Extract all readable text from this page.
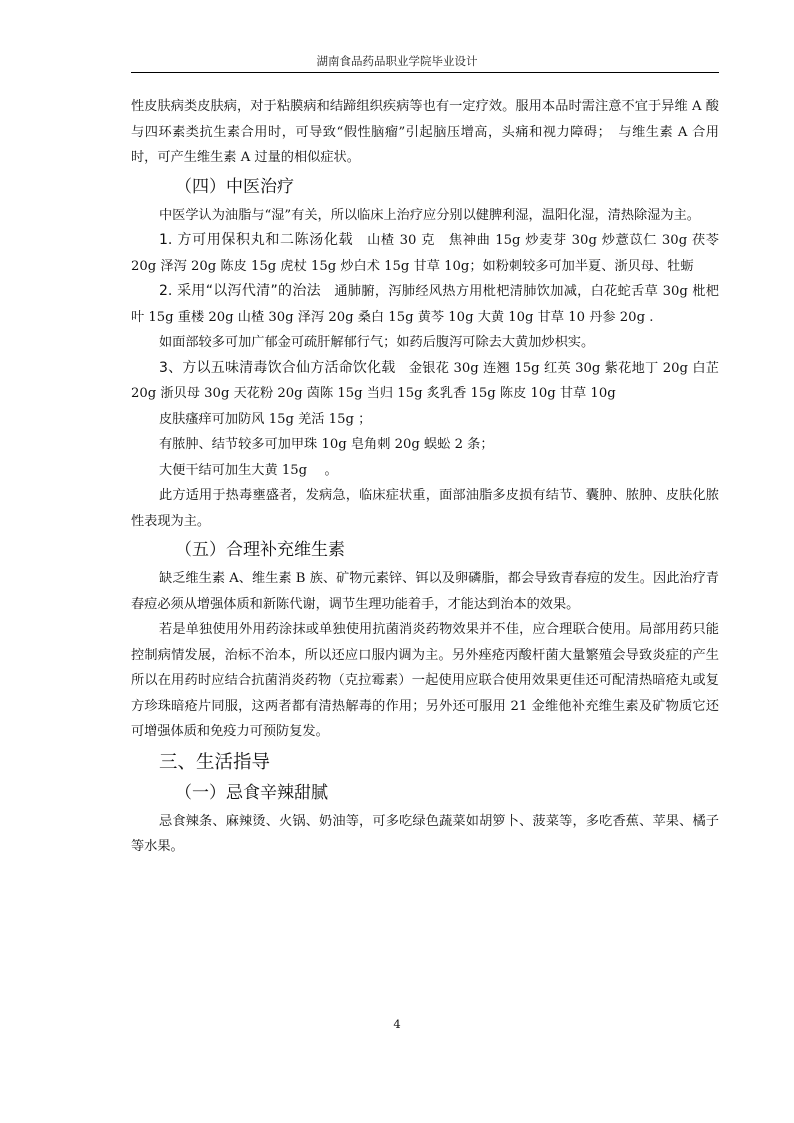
湖南食品药品职业学院毕业设计

性皮肤病类皮肤病，对于粘膜病和结蹄组织疾病等也有一定疗效。服用本品时需注意不宜于异维 A 酸与四环素类抗生素合用时，可导致“假性脑瘤”引起脑压增高，头痛和视力障碍；　与维生素 A 合用时，可产生维生素 A 过量的相似症状。

（四）中医治疗

中医学认为油脂与“湿”有关，所以临床上治疗应分别以健脾利湿，温阳化湿，清热除湿为主。

1. 方可用保积丸和二陈汤化载　山楂 30 克　焦神曲 15g 炒麦芽 30g 炒薏苡仁 30g 茯苓 20g 泽泻 20g 陈皮 15g 虎杖 15g 炒白术 15g 甘草 10g；如粉刺较多可加半夏、浙贝母、牡蛎

2. 采用“以泻代清”的治法　通肺腑，泻肺经风热方用枇杷清肺饮加减，白花蛇舌草 30g 枇杷叶 15g 重楼 20g 山楂 30g 泽泻 20g 桑白 15g 黄芩 10g 大黄 10g 甘草 10 丹参 20g .

如面部较多可加广郁金可疏肝解郁行气；如药后腹泻可除去大黄加炒枳实。

3、方以五味清毒饮合仙方活命饮化载　金银花 30g 连翘 15g 红英 30g 紫花地丁 20g 白芷 20g 浙贝母 30g 天花粉 20g 茵陈 15g 当归 15g 炙乳香 15g 陈皮 10g 甘草 10g

皮肤瘙痒可加防风 15g 羌活 15g ；

有脓肿、结节较多可加甲珠 10g 皂角刺 20g 蜈蚣 2 条；

大便干结可加生大黄 15g 　。

此方适用于热毒壅盛者，发病急，临床症状重，面部油脂多皮损有结节、囊肿、脓肿、皮肤化脓性表现为主。

（五）合理补充维生素

缺乏维生素 A、维生素 B 族、矿物元素锌、铒以及卵磷脂，都会导致青春痘的发生。因此治疗青春痘必须从增强体质和新陈代谢，调节生理功能着手，才能达到治本的效果。

若是单独使用外用药涂抹或单独使用抗菌消炎药物效果并不佳，应合理联合使用。局部用药只能控制病情发展，治标不治本，所以还应口服内调为主。另外痤疮丙酸杆菌大量繁殖会导致炎症的产生所以在用药时应结合抗菌消炎药物（克拉霉素）一起使用应联合使用效果更佳还可配清热暗疮丸或复方珍珠暗疮片同服，这两者都有清热解毒的作用；另外还可服用 21 金维他补充维生素及矿物质它还可增强体质和免疫力可预防复发。

三、生活指导
（一）忌食辛辣甜腻

忌食辣条、麻辣烫、火锅、奶油等，可多吃绿色蔬菜如胡箩卜、菠菜等，多吃香蕉、苹果、橘子等水果。

4
